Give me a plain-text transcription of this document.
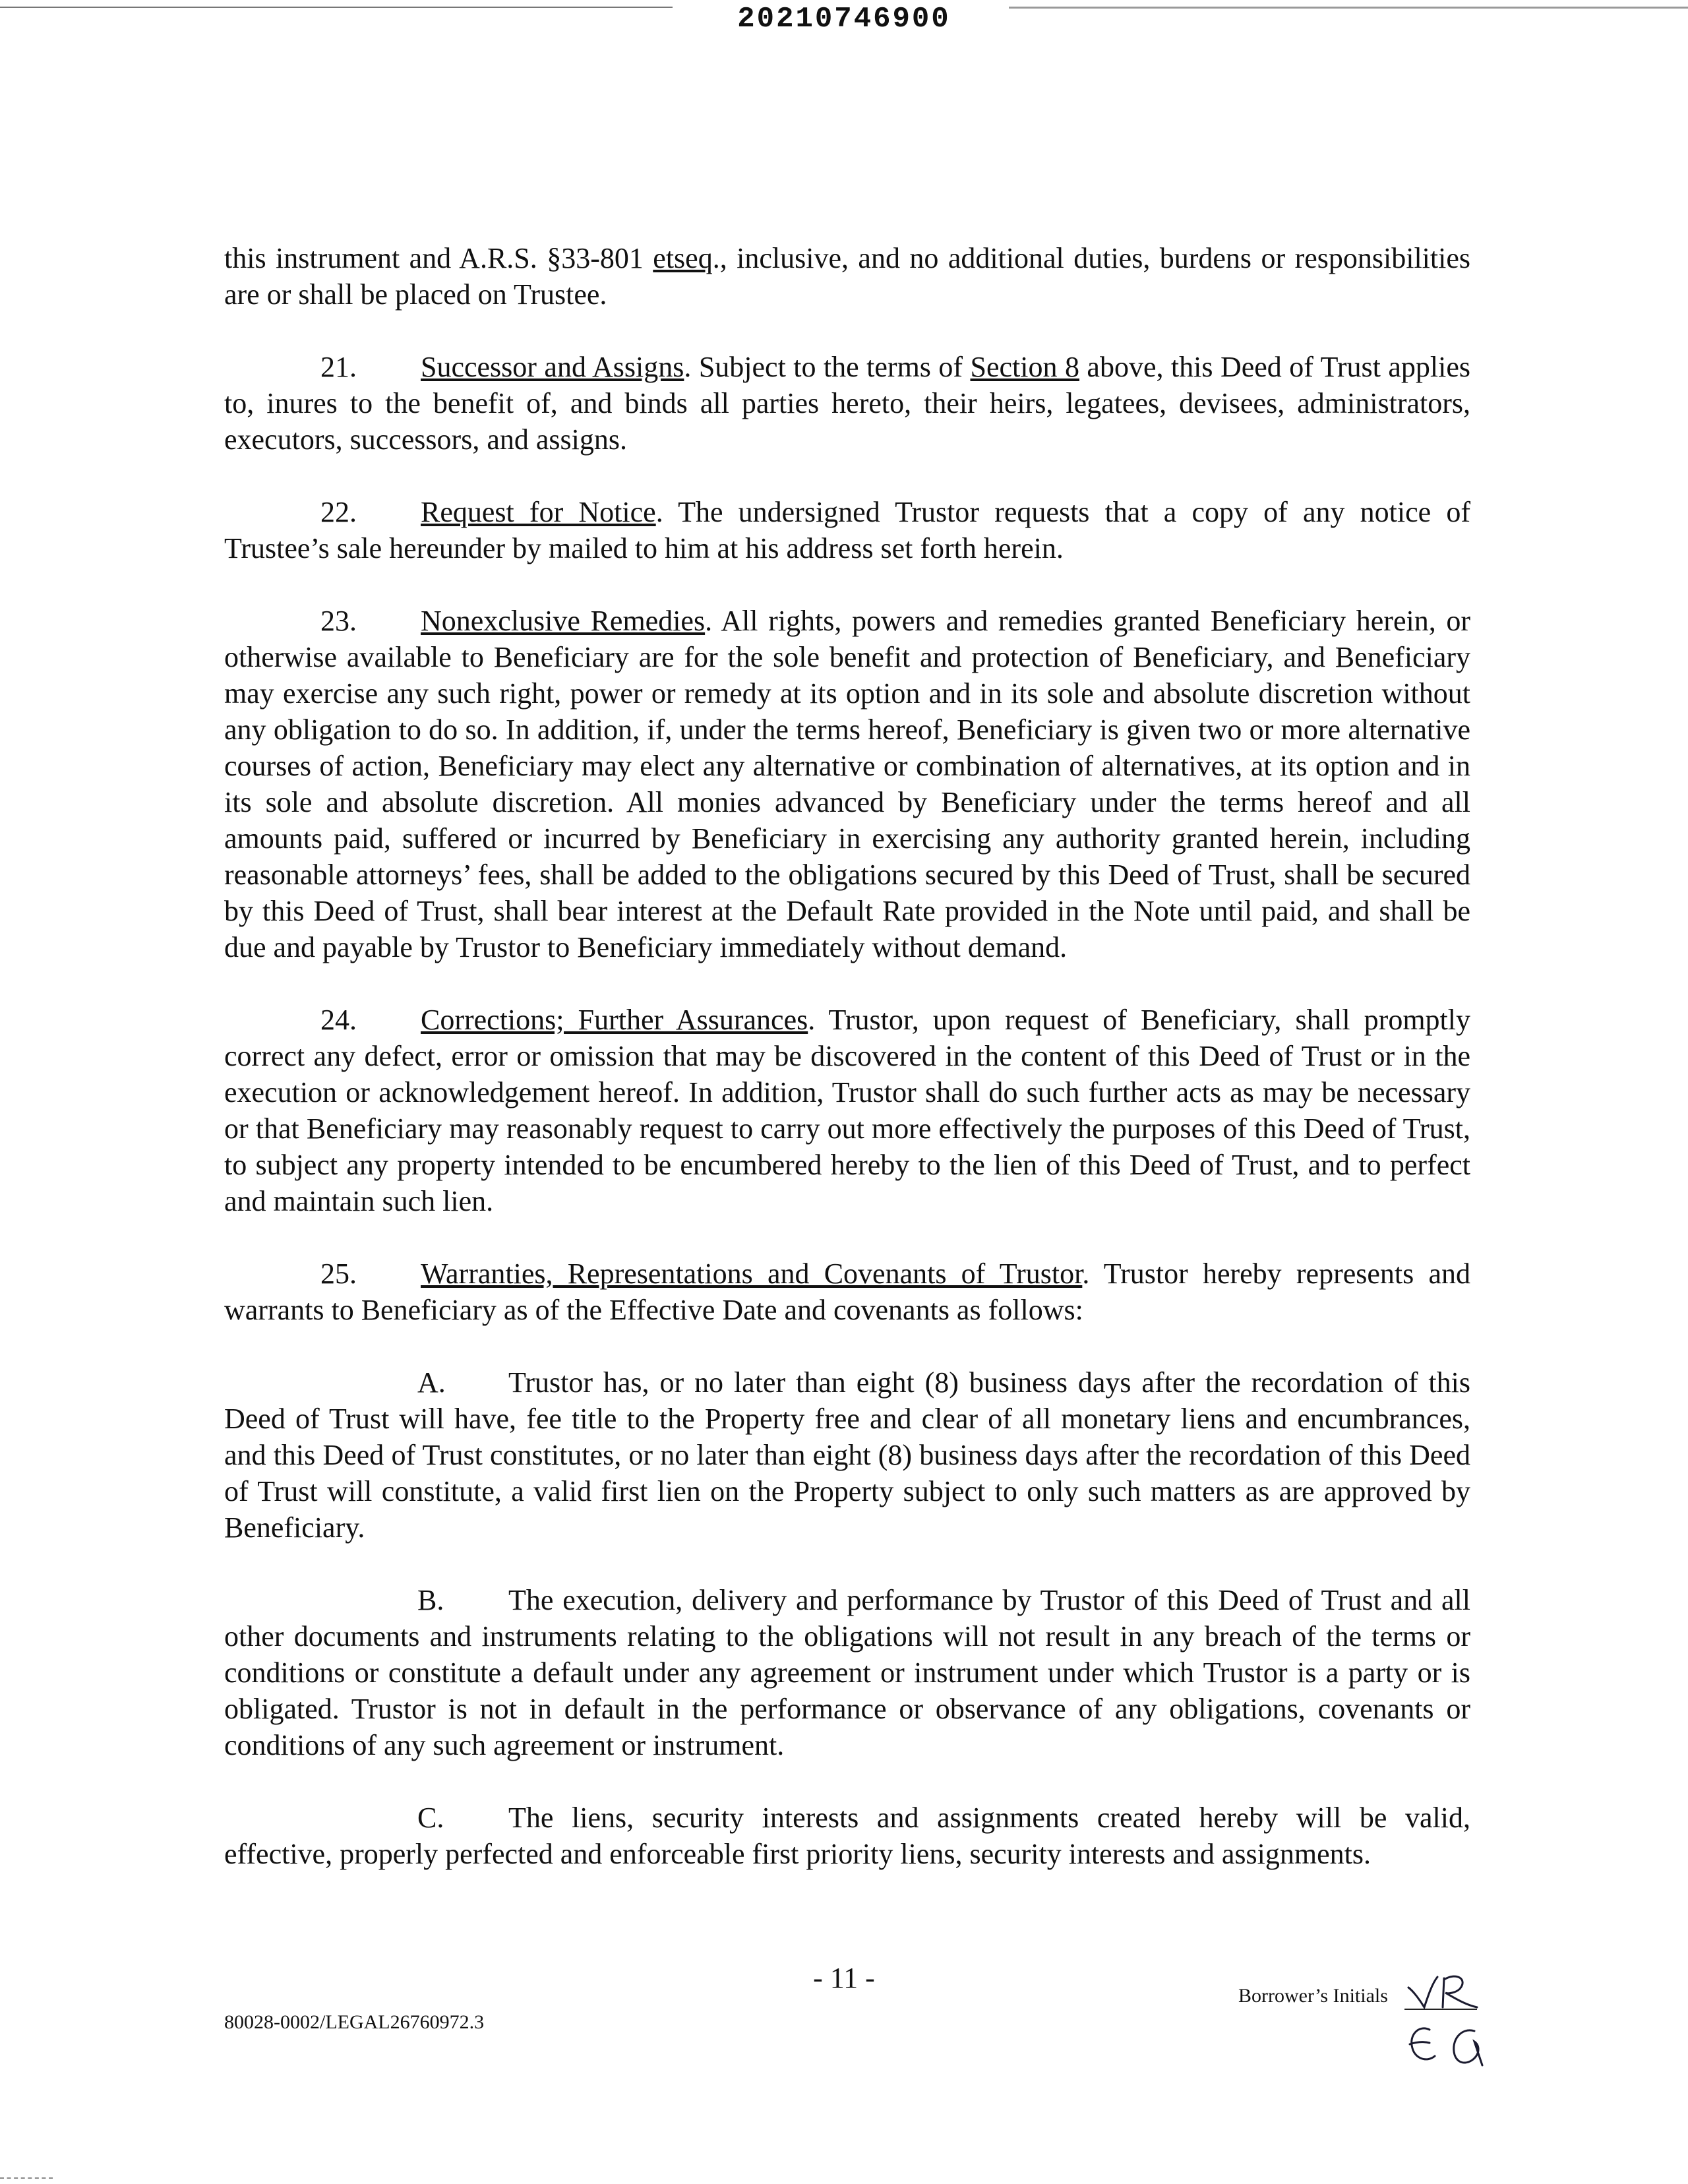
20210746900

this instrument and A.R.S. §33-801 etseq., inclusive, and no additional duties, burdens or responsibilities are or shall be placed on Trustee.

21. Successor and Assigns. Subject to the terms of Section 8 above, this Deed of Trust applies to, inures to the benefit of, and binds all parties hereto, their heirs, legatees, devisees, administrators, executors, successors, and assigns.

22. Request for Notice. The undersigned Trustor requests that a copy of any notice of Trustee’s sale hereunder by mailed to him at his address set forth herein.

23. Nonexclusive Remedies. All rights, powers and remedies granted Beneficiary herein, or otherwise available to Beneficiary are for the sole benefit and protection of Beneficiary, and Beneficiary may exercise any such right, power or remedy at its option and in its sole and absolute discretion without any obligation to do so. In addition, if, under the terms hereof, Beneficiary is given two or more alternative courses of action, Beneficiary may elect any alternative or combination of alternatives, at its option and in its sole and absolute discretion. All monies advanced by Beneficiary under the terms hereof and all amounts paid, suffered or incurred by Beneficiary in exercising any authority granted herein, including reasonable attorneys’ fees, shall be added to the obligations secured by this Deed of Trust, shall be secured by this Deed of Trust, shall bear interest at the Default Rate provided in the Note until paid, and shall be due and payable by Trustor to Beneficiary immediately without demand.

24. Corrections; Further Assurances. Trustor, upon request of Beneficiary, shall promptly correct any defect, error or omission that may be discovered in the content of this Deed of Trust or in the execution or acknowledgement hereof. In addition, Trustor shall do such further acts as may be necessary or that Beneficiary may reasonably request to carry out more effectively the purposes of this Deed of Trust, to subject any property intended to be encumbered hereby to the lien of this Deed of Trust, and to perfect and maintain such lien.

25. Warranties, Representations and Covenants of Trustor. Trustor hereby represents and warrants to Beneficiary as of the Effective Date and covenants as follows:

A. Trustor has, or no later than eight (8) business days after the recordation of this Deed of Trust will have, fee title to the Property free and clear of all monetary liens and encumbrances, and this Deed of Trust constitutes, or no later than eight (8) business days after the recordation of this Deed of Trust will constitute, a valid first lien on the Property subject to only such matters as are approved by Beneficiary.

B. The execution, delivery and performance by Trustor of this Deed of Trust and all other documents and instruments relating to the obligations will not result in any breach of the terms or conditions or constitute a default under any agreement or instrument under which Trustor is a party or is obligated. Trustor is not in default in the performance or observance of any obligations, covenants or conditions of any such agreement or instrument.

C. The liens, security interests and assignments created hereby will be valid, effective, properly perfected and enforceable first priority liens, security interests and assignments.

- 11 -
80028-0002/LEGAL26760972.3
Borrower’s Initials
